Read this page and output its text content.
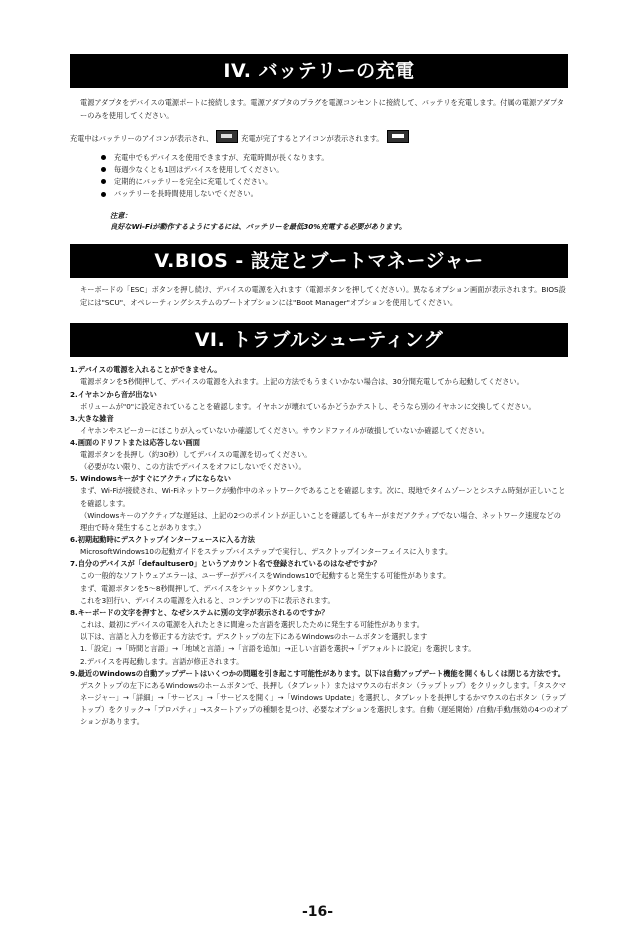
IV. バッテリーの充電

電源アダプタをデバイスの電源ポートに接続します。電源アダプタのプラグを電源コンセントに接続して、バッテリを充電します。付属の電源アダプターのみを使用してください。

充電中はバッテリーのアイコンが表示され、	充電が完了するとアイコンが表示されます。

充電中でもデバイスを使用できますが、充電時間が長くなります。
毎週少なくとも1回はデバイスを使用してください。
定期的にバッテリーを完全に充電してください。
バッテリーを長時間使用しないでください。
注意：
良好なWi-Fiが動作するようにするには、バッテリーを最低30%充電する必要があります。
V.BIOS - 設定とブートマネージャー

キーボードの「ESC」ボタンを押し続け、デバイスの電源を入れます（電源ボタンを押してください）。異なるオプション画面が表示されます。BIOS設定には"SCU"、オペレーティングシステムのブートオプションには"Boot Manager"オプションを使用してください。

VI. トラブルシューティング

1.デバイスの電源を入れることができません。

電源ボタンを5秒間押して、デバイスの電源を入れます。上記の方法でもうまくいかない場合は、30分間充電してから起動してください。

2.イヤホンから音が出ない

ボリュームが"0"に設定されていることを確認します。イヤホンが壊れているかどうかテストし、そうなら別のイヤホンに交換してください。

3.大きな雑音

イヤホンやスピーカーにほこりが入っていないか確認してください。サウンドファイルが破損していないか確認してください。

4.画面のドリフトまたは応答しない画面

電源ボタンを長押し（約30秒）してデバイスの電源を切ってください。

（必要がない限り、この方法でデバイスをオフにしないでください）。

5. Windowsキーがすぐにアクティブにならない

まず、Wi-Fiが接続され、Wi-Fiネットワークが動作中のネットワークであることを確認します。次に、現地でタイムゾーンとシステム時刻が正しいことを確認します。

（Windowsキーのアクティブな遅延は、上記の2つのポイントが正しいことを確認してもキーがまだアクティブでない場合、ネットワーク速度などの理由で時々発生することがあります。）

6.初期起動時にデスクトップインターフェースに入る方法

MicrosoftWindows10の起動ガイドをステップバイステップで実行し、デスクトップインターフェイスに入ります。

7.自分のデバイスが「defaultuser0」というアカウント名で登録されているのはなぜですか？

この一般的なソフトウェアエラーは、ユーザーがデバイスをWindows10で起動すると発生する可能性があります。

まず、電源ボタンを5〜8秒間押して、デバイスをシャットダウンします。

これを3回行い、デバイスの電源を入れると、コンテンツの下に表示されます。

8.キーボードの文字を押すと、なぜシステムに別の文字が表示されるのですか？

これは、最初にデバイスの電源を入れたときに間違った言語を選択したために発生する可能性があります。

以下は、言語と入力を修正する方法です。デスクトップの左下にあるWindowsのホームボタンを選択します

1.「設定」→「時間と言語」→「地域と言語」→「言語を追加」→正しい言語を選択→「デフォルトに設定」を選択します。

2.デバイスを再起動します。言語が修正されます。

9.最近のWindowsの自動アップデートはいくつかの問題を引き起こす可能性があります。以下は自動アップデート機能を開くもしくは閉じる方法です。

デスクトップの左下にあるWindowsのホームボタンで、長押し（タブレット）またはマウスの右ボタン（ラップトップ）をクリックします。「タスクマネージャー」→「詳細」→「サービス」→「サービスを開く」→「Windows Update」を選択し、タブレットを長押しするかマウスの右ボタン（ラップトップ）をクリック→「プロパティ」→スタートアップの種類を見つけ、必要なオプションを選択します。自動（遅延開始）/自動/手動/無効の4つのオプションがあります。

-16-
